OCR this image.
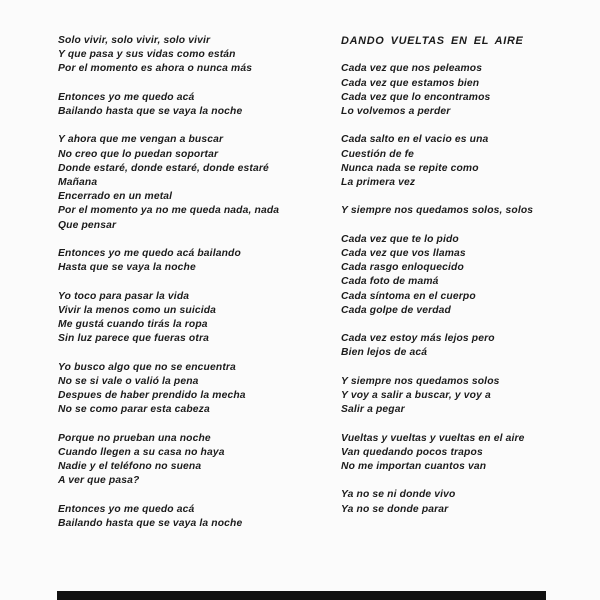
Solo vivir, solo vivir, solo vivir
Y que pasa y sus vidas como están
Por el momento es ahora o nunca más
Entonces yo me quedo acá
Bailando hasta que se vaya la noche
Y ahora que me vengan a buscar
No creo que lo puedan soportar
Donde estaré, donde estaré, donde estaré
Mañana
Encerrado en un metal
Por el momento ya no me queda nada, nada
Que pensar
Entonces yo me quedo acá bailando
Hasta que se vaya la noche
Yo toco para pasar la vida
Vivir la menos como un suicida
Me gustá cuando tirás la ropa
Sin luz parece que fueras otra
Yo busco algo que no se encuentra
No se si vale o valió la pena
Despues de haber prendido la mecha
No se como parar esta cabeza
Porque no prueban una noche
Cuando llegen a su casa no haya
Nadie y el teléfono no suena
A ver que pasa?
Entonces yo me quedo acá
Bailando hasta que se vaya la noche
DANDO VUELTAS EN EL AIRE
Cada vez que nos peleamos
Cada vez que estamos bien
Cada vez que lo encontramos
Lo volvemos a perder
Cada salto en el vacio es una
Cuestión de fe
Nunca nada se repite como
La primera vez
Y siempre nos quedamos solos, solos
Cada vez que te lo pido
Cada vez que vos llamas
Cada rasgo enloquecido
Cada foto de mamá
Cada síntoma en el cuerpo
Cada golpe de verdad
Cada vez estoy más lejos pero
Bien lejos de acá
Y siempre nos quedamos solos
Y voy a salir a buscar, y voy a
Salir a pegar
Vueltas y vueltas y vueltas en el aire
Van quedando pocos trapos
No me importan cuantos van
Ya no se ni donde vivo
Ya no se donde parar
